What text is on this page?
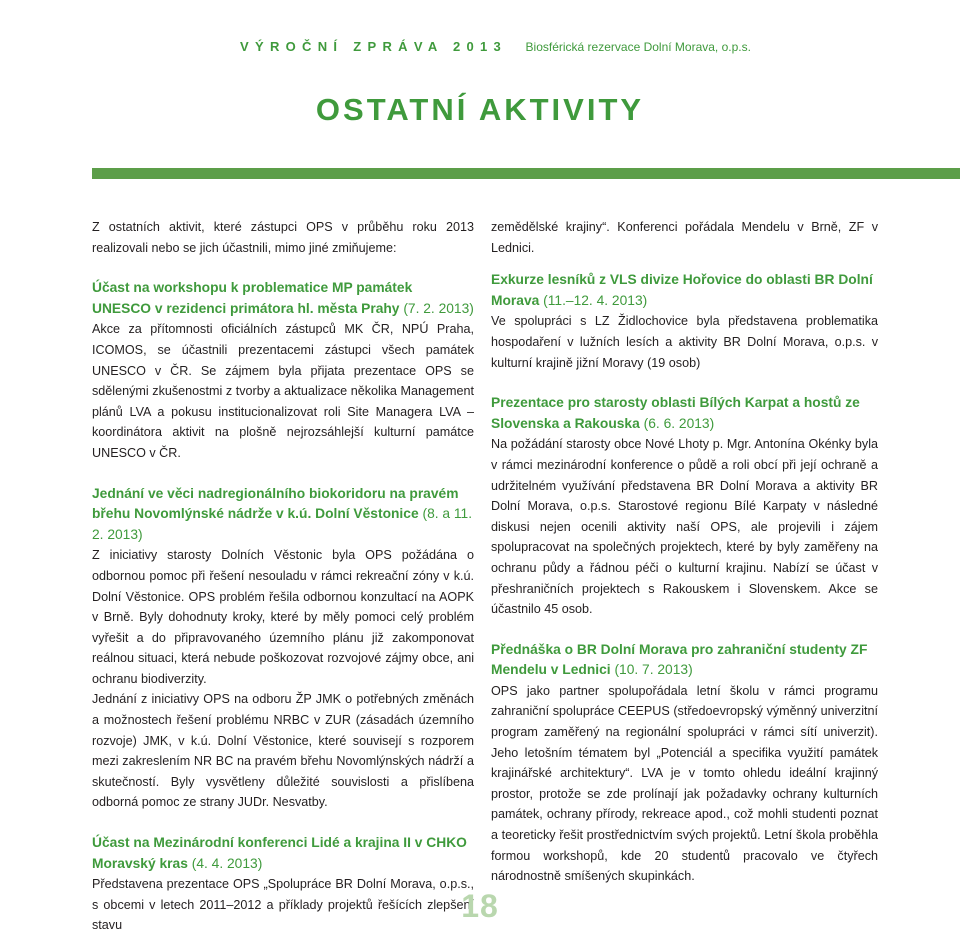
VÝROČNÍ ZPRÁVA 2013 Biosférická rezervace Dolní Morava, o.p.s.
OSTATNÍ AKTIVITY

Z ostatních aktivit, které zástupci OPS v průběhu roku 2013 realizovali nebo se jich účastnili, mimo jiné zmiňujeme:

Účast na workshopu k problematice MP památek UNESCO v rezidenci primátora hl. města Prahy (7. 2. 2013)

Akce za přítomnosti oficiálních zástupců MK ČR, NPÚ Praha, ICOMOS, se účastnili prezentacemi zástupci všech památek UNESCO v ČR. Se zájmem byla přijata prezentace OPS se sdělenými zkušenostmi z tvorby a aktualizace několika Management plánů LVA a pokusu institucionalizovat roli Site Managera LVA – koordinátora aktivit na plošně nejrozsáhlejší kulturní památce UNESCO v ČR.

Jednání ve věci nadregionálního biokoridoru na pravém břehu Novomlýnské nádrže v k.ú. Dolní Věstonice (8. a 11. 2. 2013)

Z iniciativy starosty Dolních Věstonic byla OPS požádána o odbornou pomoc při řešení nesouladu v rámci rekreační zóny v k.ú. Dolní Věstonice. OPS problém řešila odbornou konzultací na AOPK v Brně. Byly dohodnuty kroky, které by měly pomoci celý problém vyřešit a do připravovaného územního plánu již zakomponovat reálnou situaci, která nebude poškozovat rozvojové zájmy obce, ani ochranu biodiverzity.

Jednání z iniciativy OPS na odboru ŽP JMK o potřebných změnách a možnostech řešení problému NRBC v ZUR (zásadách územního rozvoje) JMK, v k.ú. Dolní Věstonice, které souvisejí s rozporem mezi zakreslením NR BC na pravém břehu Novomlýnských nádrží a skutečností. Byly vysvětleny důležité souvislosti a přislíbena odborná pomoc ze strany JUDr. Nesvatby.

Účast na Mezinárodní konferenci Lidé a krajina II v CHKO Moravský kras (4. 4. 2013)

Představena prezentace OPS „Spolupráce BR Dolní Morava, o.p.s., s obcemi v letech 2011–2012 a příklady projektů řešících zlepšení stavu

zemědělské krajiny“. Konferenci pořádala Mendelu v Brně, ZF v Lednici.

Exkurze lesníků z VLS divize Hořovice do oblasti BR Dolní Morava (11.–12. 4. 2013)

Ve spolupráci s LZ Židlochovice byla představena problematika hospodaření v lužních lesích a aktivity BR Dolní Morava, o.p.s. v kulturní krajině jižní Moravy (19 osob)

Prezentace pro starosty oblasti Bílých Karpat a hostů ze Slovenska a Rakouska (6. 6. 2013)

Na požádání starosty obce Nové Lhoty p. Mgr. Antonína Okénky byla v rámci mezinárodní konference o půdě a roli obcí při její ochraně a udržitelném využívání představena BR Dolní Morava a aktivity BR Dolní Morava, o.p.s. Starostové regionu Bílé Karpaty v následné diskusi nejen ocenili aktivity naší OPS, ale projevili i zájem spolupracovat na společných projektech, které by byly zaměřeny na ochranu půdy a řádnou péči o kulturní krajinu. Nabízí se účast v přeshraničních projektech s Rakouskem i Slovenskem. Akce se účastnilo 45 osob.

Přednáška o BR Dolní Morava pro zahraniční studenty ZF Mendelu v Lednici (10. 7. 2013)

OPS jako partner spolupořádala letní školu v rámci programu zahraniční spolupráce CEEPUS (středoevropský výměnný univerzitní program zaměřený na regionální spolupráci v rámci sítí univerzit). Jeho letošním tématem byl „Potenciál a specifika využití památek krajinářské architektury“. LVA je v tomto ohledu ideální krajinný prostor, protože se zde prolínají jak požadavky ochrany kulturních památek, ochrany přírody, rekreace apod., což mohli studenti poznat a teoreticky řešit prostřednictvím svých projektů. Letní škola proběhla formou workshopů, kde 20 studentů pracovalo ve čtyřech národnostně smíšených skupinkách.

18
